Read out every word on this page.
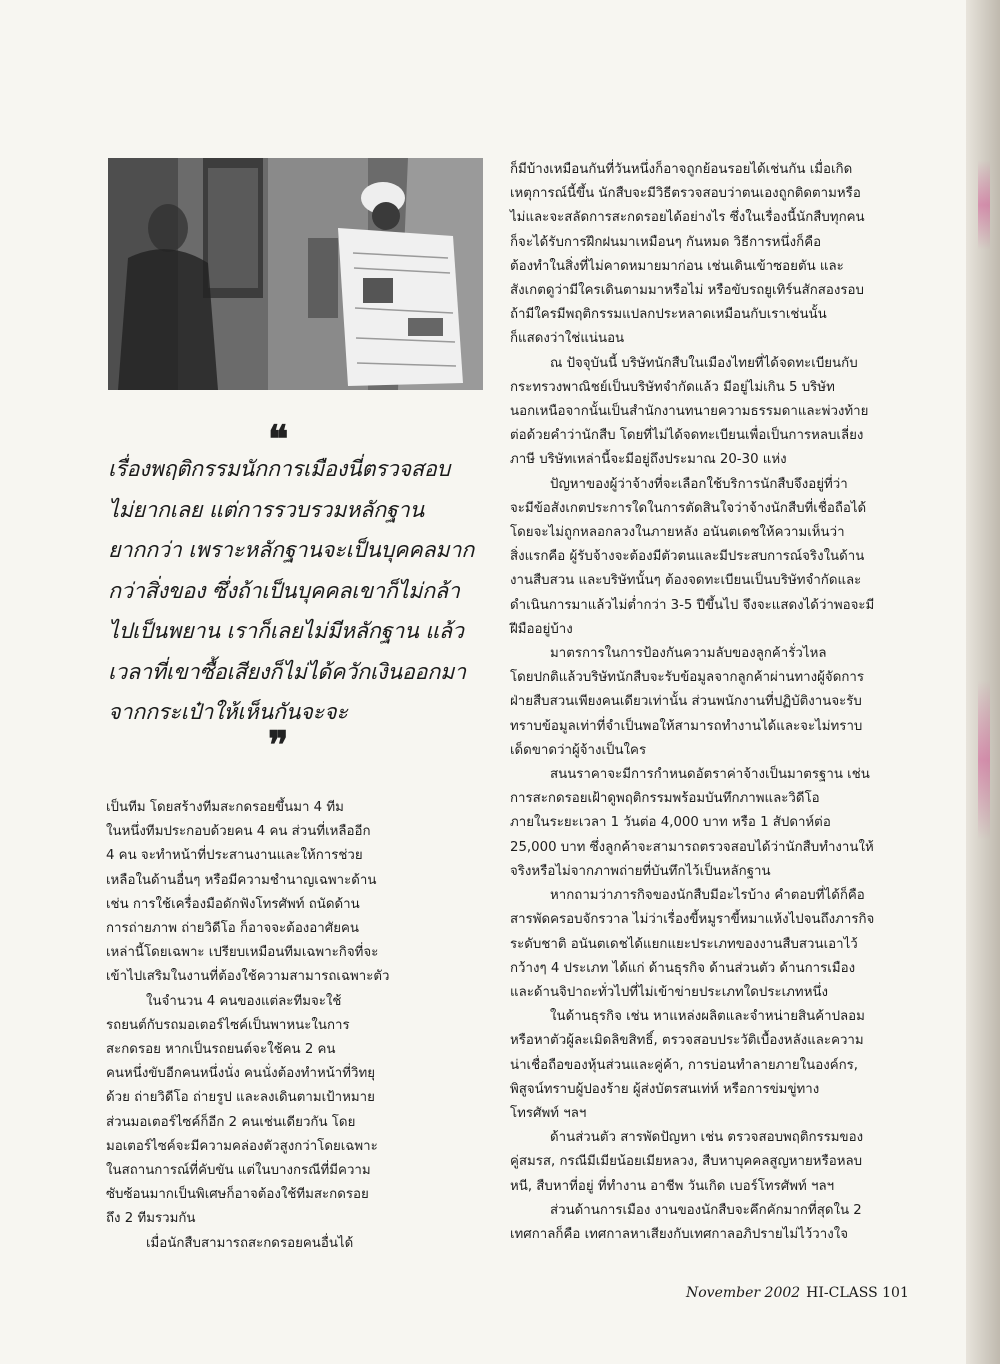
❝
เรื่องพฤติกรรมนักการเมืองนี่ตรวจสอบ
ไม่ยากเลย แต่การรวบรวมหลักฐาน
ยากกว่า เพราะหลักฐานจะเป็นบุคคลมาก
กว่าสิ่งของ ซึ่งถ้าเป็นบุคคลเขาก็ไม่กล้า
ไปเป็นพยาน เราก็เลยไม่มีหลักฐาน แล้ว
เวลาที่เขาซื้อเสียงก็ไม่ได้ควักเงินออกมา
จากกระเป๋าให้เห็นกันจะจะ
❞

เป็นทีม โดยสร้างทีมสะกดรอยขึ้นมา 4 ทีม
ในหนึ่งทีมประกอบด้วยคน 4 คน ส่วนที่เหลืออีก
4 คน จะทำหน้าที่ประสานงานและให้การช่วย
เหลือในด้านอื่นๆ หรือมีความชำนาญเฉพาะด้าน
เช่น การใช้เครื่องมือดักฟังโทรศัพท์ ถนัดด้าน
การถ่ายภาพ ถ่ายวิดีโอ ก็อาจจะต้องอาศัยคน
เหล่านี้โดยเฉพาะ เปรียบเหมือนทีมเฉพาะกิจที่จะ
เข้าไปเสริมในงานที่ต้องใช้ความสามารถเฉพาะตัว

ในจำนวน 4 คนของแต่ละทีมจะใช้
รถยนต์กับรถมอเตอร์ไซค์เป็นพาหนะในการ
สะกดรอย หากเป็นรถยนต์จะใช้คน 2 คน
คนหนึ่งขับอีกคนหนึ่งนั่ง คนนั่งต้องทำหน้าที่วิทยุ
ด้วย ถ่ายวิดีโอ ถ่ายรูป และลงเดินตามเป้าหมาย
ส่วนมอเตอร์ไซค์ก็อีก 2 คนเช่นเดียวกัน โดย
มอเตอร์ไซค์จะมีความคล่องตัวสูงกว่าโดยเฉพาะ
ในสถานการณ์ที่คับขัน แต่ในบางกรณีที่มีความ
ซับซ้อนมากเป็นพิเศษก็อาจต้องใช้ทีมสะกดรอย
ถึง 2 ทีมรวมกัน

เมื่อนักสืบสามารถสะกดรอยคนอื่นได้

ก็มีบ้างเหมือนกันที่วันหนึ่งก็อาจถูกย้อนรอยได้เช่นกัน เมื่อเกิด
เหตุการณ์นี้ขึ้น นักสืบจะมีวิธีตรวจสอบว่าตนเองถูกติดตามหรือ
ไม่และจะสลัดการสะกดรอยได้อย่างไร ซึ่งในเรื่องนี้นักสืบทุกคน
ก็จะได้รับการฝึกฝนมาเหมือนๆ กันหมด วิธีการหนึ่งก็คือ
ต้องทำในสิ่งที่ไม่คาดหมายมาก่อน เช่นเดินเข้าซอยตัน และ
สังเกตดูว่ามีใครเดินตามมาหรือไม่ หรือขับรถยูเทิร์นสักสองรอบ
ถ้ามีใครมีพฤติกรรมแปลกประหลาดเหมือนกับเราเช่นนั้น
ก็แสดงว่าใช่แน่นอน

ณ ปัจจุบันนี้ บริษัทนักสืบในเมืองไทยที่ได้จดทะเบียนกับ
กระทรวงพาณิชย์เป็นบริษัทจำกัดแล้ว มีอยู่ไม่เกิน 5 บริษัท
นอกเหนือจากนั้นเป็นสำนักงานทนายความธรรมดาและพ่วงท้าย
ต่อด้วยคำว่านักสืบ โดยที่ไม่ได้จดทะเบียนเพื่อเป็นการหลบเลี่ยง
ภาษี บริษัทเหล่านี้จะมีอยู่ถึงประมาณ 20-30 แห่ง

ปัญหาของผู้ว่าจ้างที่จะเลือกใช้บริการนักสืบจึงอยู่ที่ว่า
จะมีข้อสังเกตประการใดในการตัดสินใจว่าจ้างนักสืบที่เชื่อถือได้
โดยจะไม่ถูกหลอกลวงในภายหลัง อนันตเดชให้ความเห็นว่า
สิ่งแรกคือ ผู้รับจ้างจะต้องมีตัวตนและมีประสบการณ์จริงในด้าน
งานสืบสวน และบริษัทนั้นๆ ต้องจดทะเบียนเป็นบริษัทจำกัดและ
ดำเนินการมาแล้วไม่ต่ำกว่า 3-5 ปีขึ้นไป จึงจะแสดงได้ว่าพอจะมี
ฝีมืออยู่บ้าง

มาตรการในการป้องกันความลับของลูกค้ารั่วไหล
โดยปกติแล้วบริษัทนักสืบจะรับข้อมูลจากลูกค้าผ่านทางผู้จัดการ
ฝ่ายสืบสวนเพียงคนเดียวเท่านั้น ส่วนพนักงานที่ปฏิบัติงานจะรับ
ทราบข้อมูลเท่าที่จำเป็นพอให้สามารถทำงานได้และจะไม่ทราบ
เด็ดขาดว่าผู้จ้างเป็นใคร

สนนราคาจะมีการกำหนดอัตราค่าจ้างเป็นมาตรฐาน เช่น
การสะกดรอยเฝ้าดูพฤติกรรมพร้อมบันทึกภาพและวิดีโอ
ภายในระยะเวลา 1 วันต่อ 4,000 บาท หรือ 1 สัปดาห์ต่อ
25,000 บาท ซึ่งลูกค้าจะสามารถตรวจสอบได้ว่านักสืบทำงานให้
จริงหรือไม่จากภาพถ่ายที่บันทึกไว้เป็นหลักฐาน

หากถามว่าภารกิจของนักสืบมีอะไรบ้าง คำตอบที่ได้ก็คือ
สารพัดครอบจักรวาล ไม่ว่าเรื่องขี้หมูราขี้หมาแห้งไปจนถึงภารกิจ
ระดับชาติ อนันตเดชได้แยกแยะประเภทของงานสืบสวนเอาไว้
กว้างๆ 4 ประเภท ได้แก่ ด้านธุรกิจ ด้านส่วนตัว ด้านการเมือง
และด้านจิปาถะทั่วไปที่ไม่เข้าข่ายประเภทใดประเภทหนึ่ง

ในด้านธุรกิจ เช่น หาแหล่งผลิตและจำหน่ายสินค้าปลอม
หรือหาตัวผู้ละเมิดลิขสิทธิ์, ตรวจสอบประวัติเบื้องหลังและความ
น่าเชื่อถือของหุ้นส่วนและคู่ค้า, การบ่อนทำลายภายในองค์กร,
พิสูจน์ทราบผู้ปองร้าย ผู้ส่งบัตรสนเท่ห์ หรือการข่มขู่ทาง
โทรศัพท์ ฯลฯ

ด้านส่วนตัว สารพัดปัญหา เช่น ตรวจสอบพฤติกรรมของ
คู่สมรส, กรณีมีเมียน้อยเมียหลวง, สืบหาบุคคลสูญหายหรือหลบ
หนี, สืบหาที่อยู่ ที่ทำงาน อาชีพ วันเกิด เบอร์โทรศัพท์ ฯลฯ

ส่วนด้านการเมือง งานของนักสืบจะคึกคักมากที่สุดใน 2
เทศกาลก็คือ เทศกาลหาเสียงกับเทศกาลอภิปรายไม่ไว้วางใจ

November 2002 HI-CLASS 101
